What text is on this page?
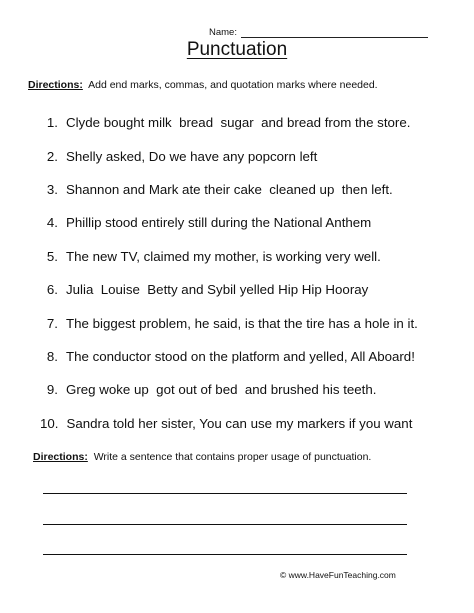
Name:
Punctuation
Directions: Add end marks, commas, and quotation marks where needed.
1. Clyde bought milk  bread  sugar  and bread from the store.
2. Shelly asked, Do we have any popcorn left
3. Shannon and Mark ate their cake  cleaned up  then left.
4. Phillip stood entirely still during the National Anthem
5. The new TV, claimed my mother, is working very well.
6. Julia  Louise  Betty and Sybil yelled Hip Hip Hooray
7. The biggest problem, he said, is that the tire has a hole in it.
8. The conductor stood on the platform and yelled, All Aboard!
9. Greg woke up  got out of bed  and brushed his teeth.
10. Sandra told her sister, You can use my markers if you want
Directions: Write a sentence that contains proper usage of punctuation.
© www.HaveFunTeaching.com
